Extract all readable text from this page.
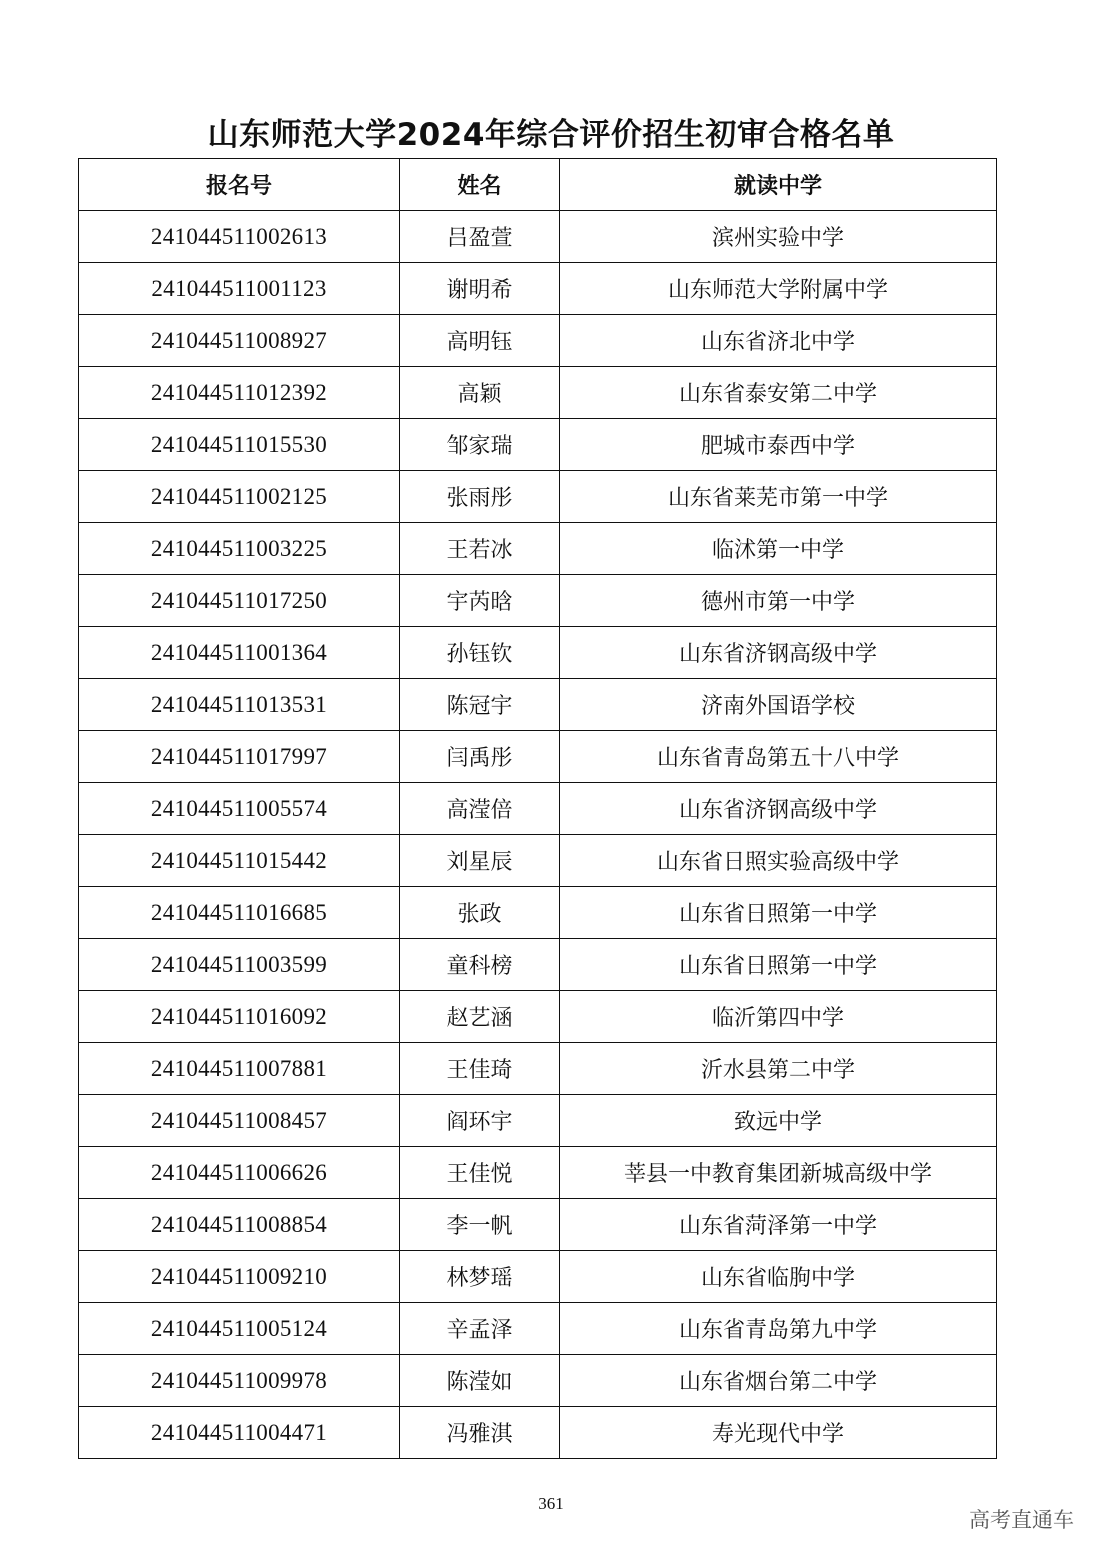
山东师范大学2024年综合评价招生初审合格名单
报名号	姓名	就读中学
241044511002613	吕盈萱	滨州实验中学
241044511001123	谢明希	山东师范大学附属中学
241044511008927	高明钰	山东省济北中学
241044511012392	高颖	山东省泰安第二中学
241044511015530	邹家瑞	肥城市泰西中学
241044511002125	张雨彤	山东省莱芜市第一中学
241044511003225	王若冰	临沭第一中学
241044511017250	宇芮晗	德州市第一中学
241044511001364	孙钰钦	山东省济钢高级中学
241044511013531	陈冠宇	济南外国语学校
241044511017997	闫禹彤	山东省青岛第五十八中学
241044511005574	高滢倍	山东省济钢高级中学
241044511015442	刘星辰	山东省日照实验高级中学
241044511016685	张政	山东省日照第一中学
241044511003599	童科榜	山东省日照第一中学
241044511016092	赵艺涵	临沂第四中学
241044511007881	王佳琦	沂水县第二中学
241044511008457	阎环宇	致远中学
241044511006626	王佳悦	莘县一中教育集团新城高级中学
241044511008854	李一帆	山东省菏泽第一中学
241044511009210	林梦瑶	山东省临朐中学
241044511005124	辛孟泽	山东省青岛第九中学
241044511009978	陈滢如	山东省烟台第二中学
241044511004471	冯雅淇	寿光现代中学
361
高考直通车
